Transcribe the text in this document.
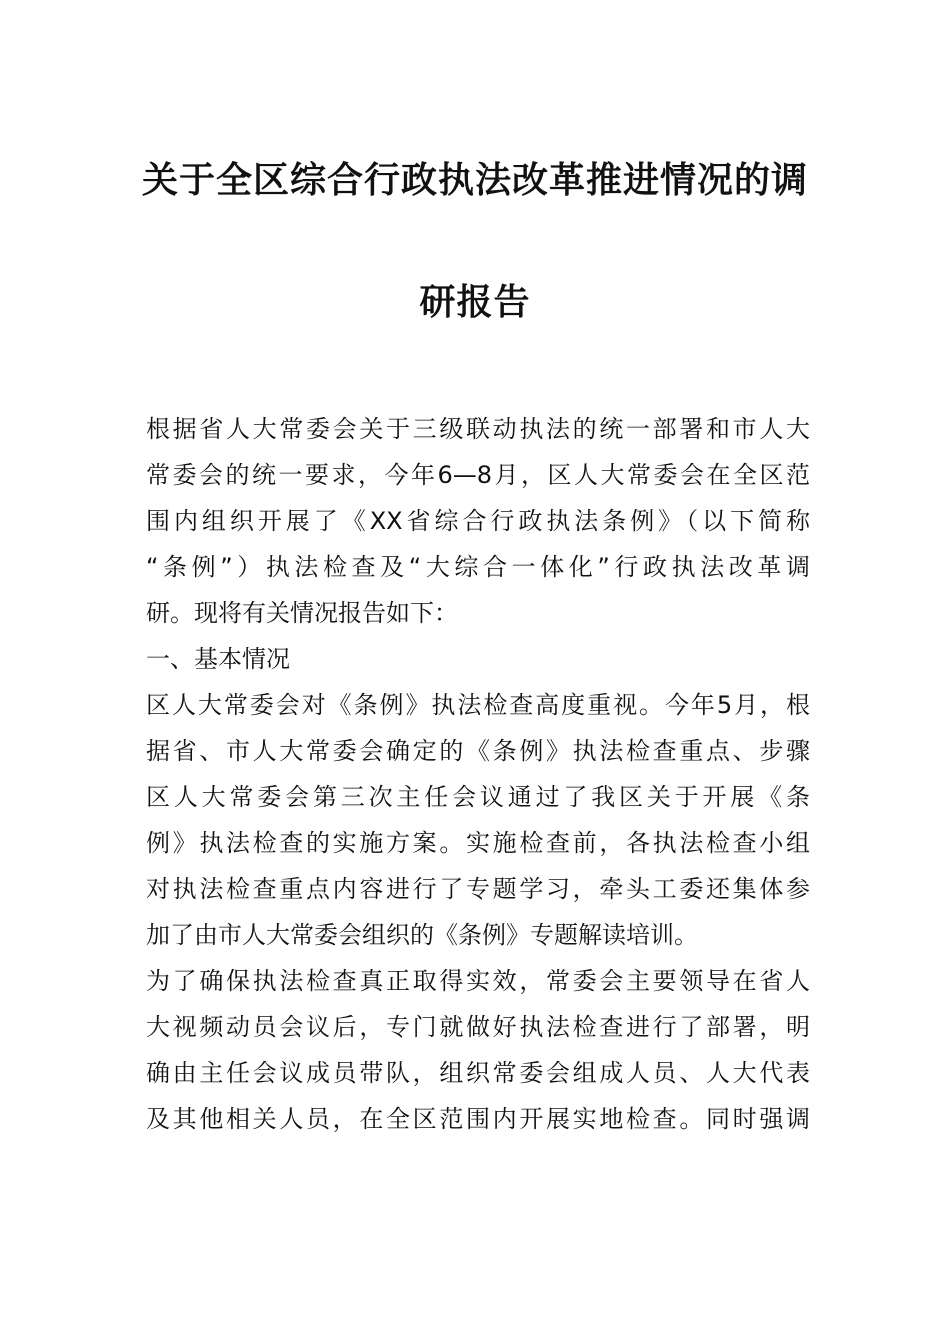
关于全区综合行政执法改革推进情况的调
研报告
根据省人大常委会关于三级联动执法的统一部署和市人大
常委会的统一要求，今年6—8月，区人大常委会在全区范
围内组织开展了《XX省综合行政执法条例》（以下简称
“条例”）执法检查及“大综合一体化”行政执法改革调
研。现将有关情况报告如下：
一、基本情况
区人大常委会对《条例》执法检查高度重视。今年5月，根
据省、市人大常委会确定的《条例》执法检查重点、步骤
区人大常委会第三次主任会议通过了我区关于开展《条
例》执法检查的实施方案。实施检查前，各执法检查小组
对执法检查重点内容进行了专题学习，牵头工委还集体参
加了由市人大常委会组织的《条例》专题解读培训。
为了确保执法检查真正取得实效，常委会主要领导在省人
大视频动员会议后，专门就做好执法检查进行了部署，明
确由主任会议成员带队，组织常委会组成人员、人大代表
及其他相关人员，在全区范围内开展实地检查。同时强调
